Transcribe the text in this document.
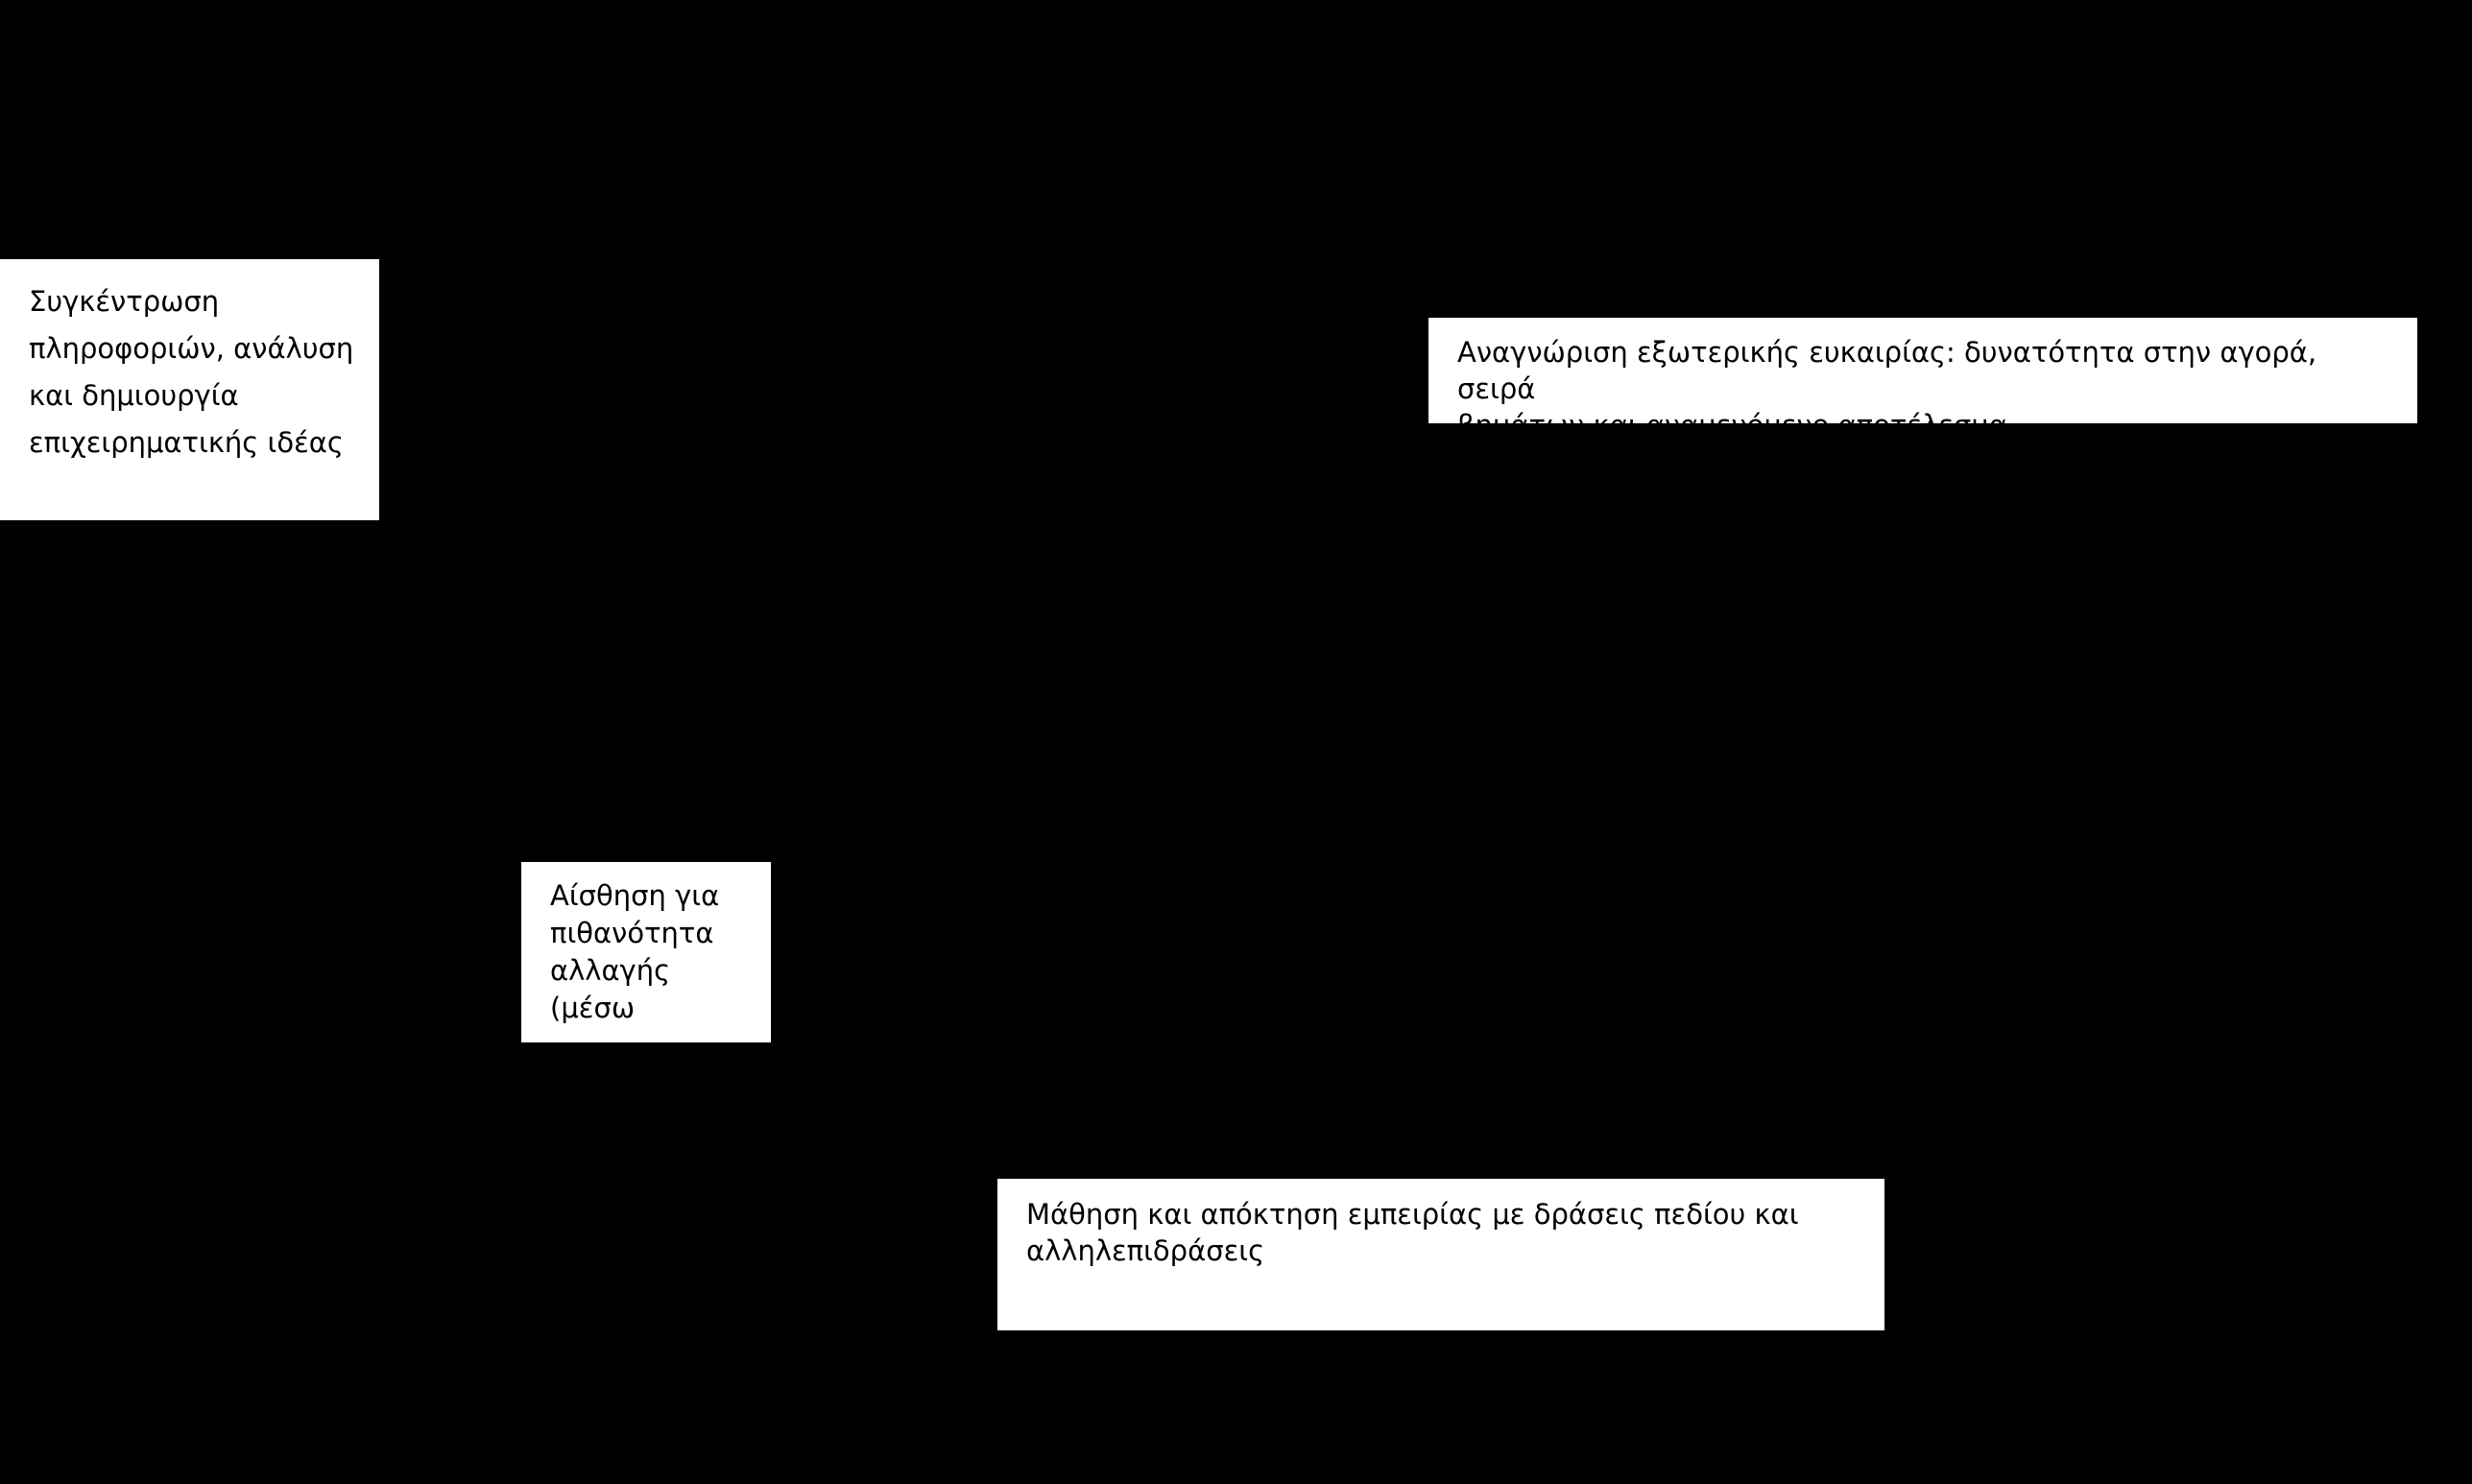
Συγκέντρωση
πληροφοριών, ανάλυση
και δημιουργία
επιχειρηματικής ιδέας
Αναγνώριση εξωτερικής ευκαιρίας: δυνατότητα στην αγορά, σειρά
βημάτων και αναμενόμενο αποτέλεσμα
Αίσθηση για
πιθανότητα
αλλαγής
(μέσω
Μάθηση και απόκτηση εμπειρίας με δράσεις πεδίου και
αλληλεπιδράσεις
